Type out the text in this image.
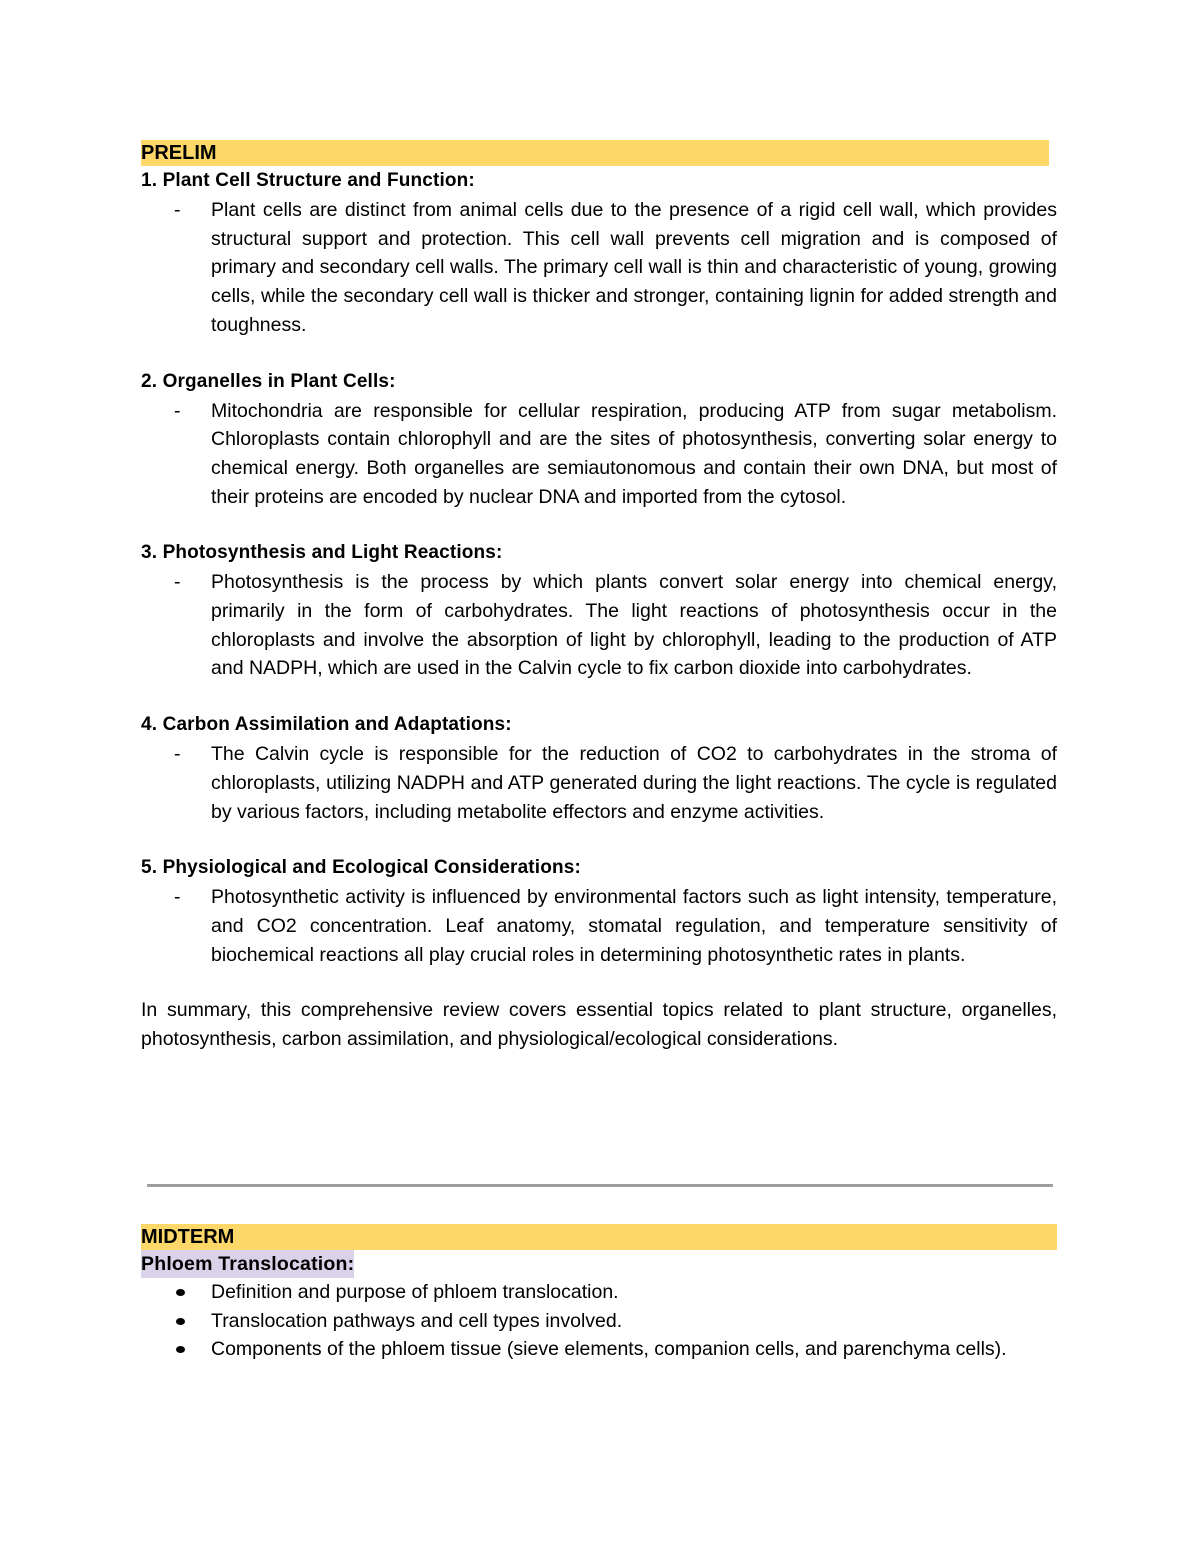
PRELIM
1. Plant Cell Structure and Function:
-	Plant cells are distinct from animal cells due to the presence of a rigid cell wall, which provides structural support and protection. This cell wall prevents cell migration and is composed of primary and secondary cell walls. The primary cell wall is thin and characteristic of young, growing cells, while the secondary cell wall is thicker and stronger, containing lignin for added strength and toughness.

2. Organelles in Plant Cells:
-	Mitochondria are responsible for cellular respiration, producing ATP from sugar metabolism. Chloroplasts contain chlorophyll and are the sites of photosynthesis, converting solar energy to chemical energy. Both organelles are semiautonomous and contain their own DNA, but most of their proteins are encoded by nuclear DNA and imported from the cytosol.

3. Photosynthesis and Light Reactions:
-	Photosynthesis is the process by which plants convert solar energy into chemical energy, primarily in the form of carbohydrates. The light reactions of photosynthesis occur in the chloroplasts and involve the absorption of light by chlorophyll, leading to the production of ATP and NADPH, which are used in the Calvin cycle to fix carbon dioxide into carbohydrates.

4. Carbon Assimilation and Adaptations:
-	The Calvin cycle is responsible for the reduction of CO2 to carbohydrates in the stroma of chloroplasts, utilizing NADPH and ATP generated during the light reactions. The cycle is regulated by various factors, including metabolite effectors and enzyme activities.

5. Physiological and Ecological Considerations:
-	Photosynthetic activity is influenced by environmental factors such as light intensity, temperature, and CO2 concentration. Leaf anatomy, stomatal regulation, and temperature sensitivity of biochemical reactions all play crucial roles in determining photosynthetic rates in plants.

In summary, this comprehensive review covers essential topics related to plant structure, organelles, photosynthesis, carbon assimilation, and physiological/ecological considerations.

MIDTERM
Phloem Translocation:

Definition and purpose of phloem translocation.

Translocation pathways and cell types involved.

Components of the phloem tissue (sieve elements, companion cells, and parenchyma cells).
